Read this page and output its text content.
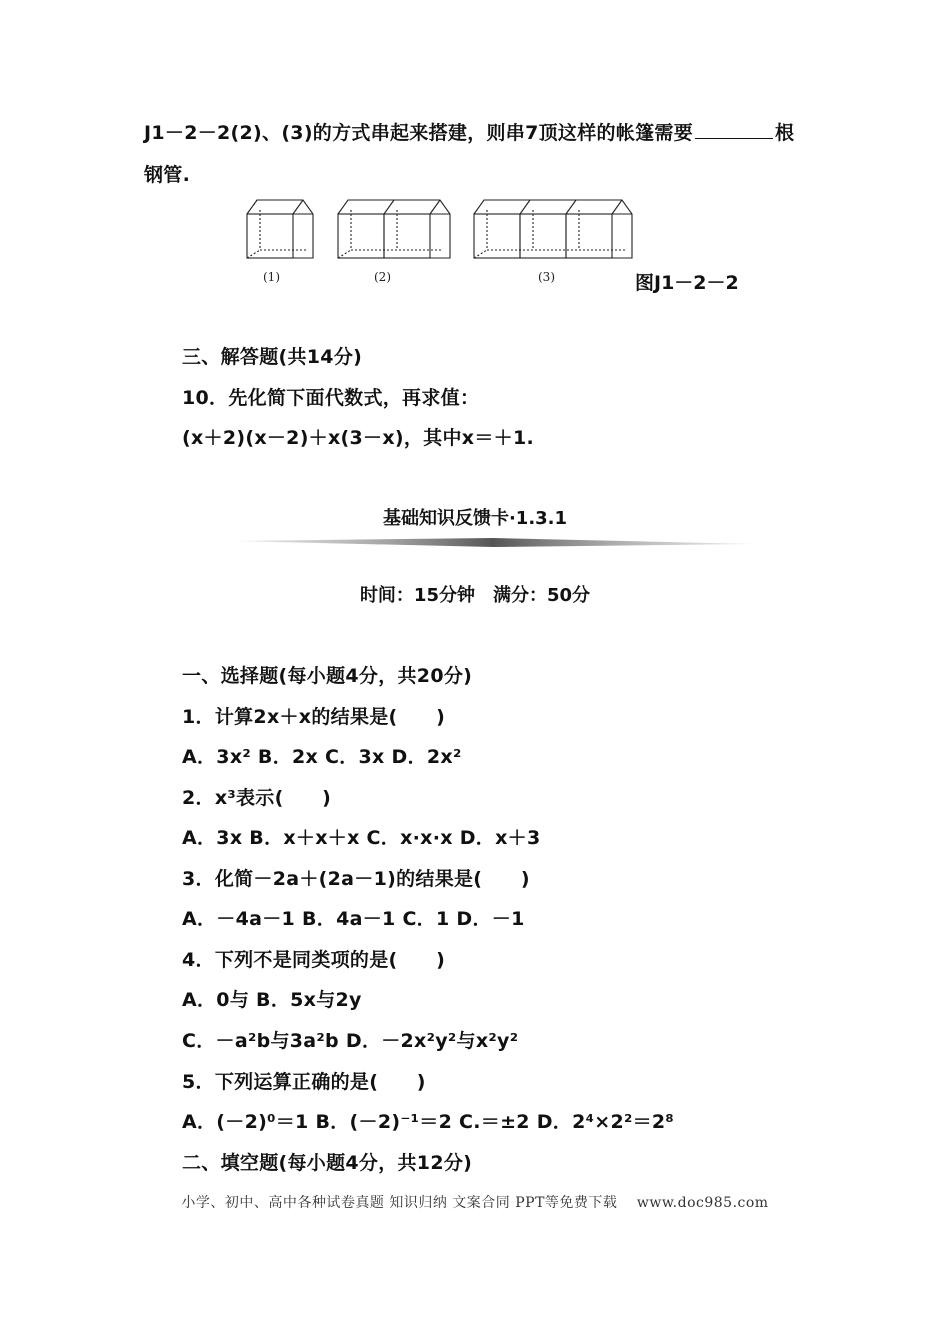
J1－2－2(2)、(3)的方式串起来搭建，则串7顶这样的帐篷需要	根
钢管.
(1)	(2)	(3)	图J1－2－2
三、解答题(共14分)
10．先化简下面代数式，再求值：
(x＋2)(x－2)＋x(3－x)，其中x＝＋1.
基础知识反馈卡·1.3.1
时间：15分钟　满分：50分
一、选择题(每小题4分，共20分)
1．计算2x＋x的结果是(　　)
A．3x² B．2x C．3x D．2x²
2．x³表示(　　)
A．3x B．x＋x＋x C．x·x·x D．x＋3
3．化简－2a＋(2a－1)的结果是(　　)
A．－4a－1 B．4a－1 C．1 D．－1
4．下列不是同类项的是(　　)
A．0与 B．5x与2y
C．－a²b与3a²b D．－2x²y²与x²y²
5．下列运算正确的是(　　)
A．(－2)⁰＝1 B．(－2)⁻¹＝2 C.＝±2 D．2⁴×2²＝2⁸
二、填空题(每小题4分，共12分)
小学、初中、高中各种试卷真题 知识归纳 文案合同 PPT等免费下载　 www.doc985.com
